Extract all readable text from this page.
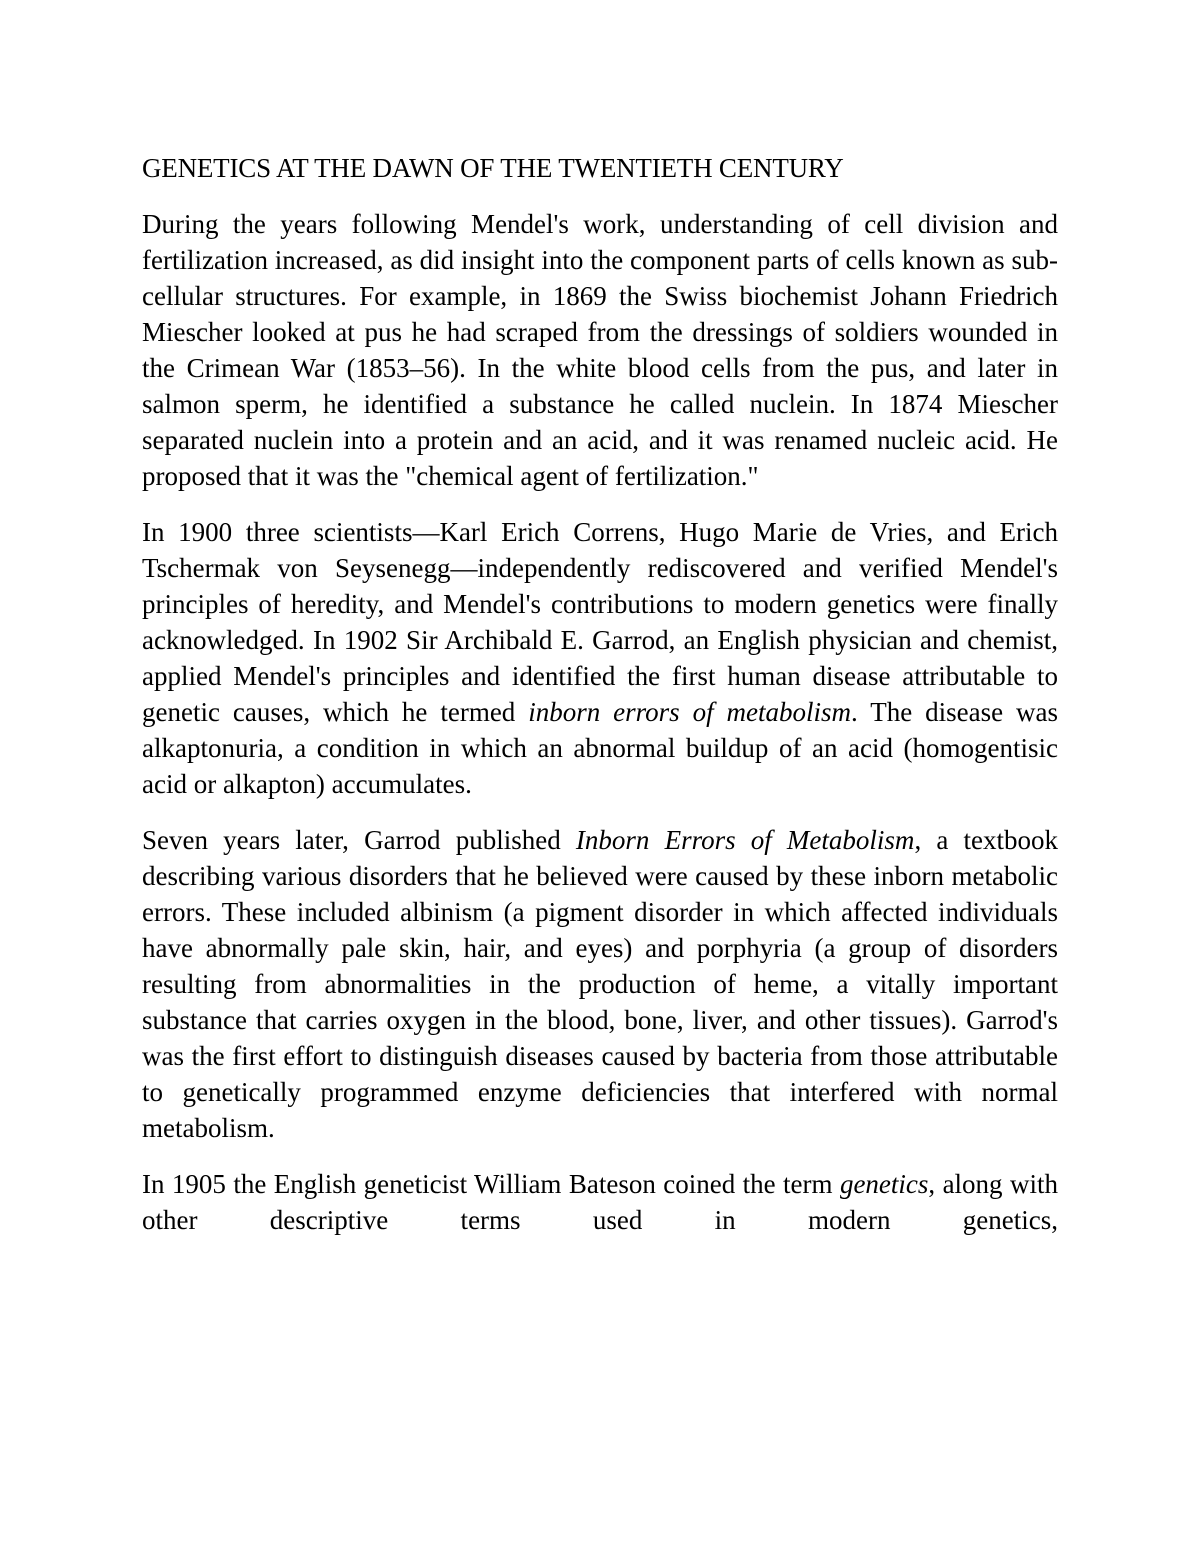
GENETICS AT THE DAWN OF THE TWENTIETH CENTURY

During the years following Mendel's work, understanding of cell division and fertilization increased, as did insight into the component parts of cells known as sub-cellular structures. For example, in 1869 the Swiss biochemist Johann Friedrich Miescher looked at pus he had scraped from the dressings of soldiers wounded in the Crimean War (1853–56). In the white blood cells from the pus, and later in salmon sperm, he identified a substance he called nuclein. In 1874 Miescher separated nuclein into a protein and an acid, and it was renamed nucleic acid. He proposed that it was the "chemical agent of fertilization."

In 1900 three scientists—Karl Erich Correns, Hugo Marie de Vries, and Erich Tschermak von Seysenegg—independently rediscovered and verified Mendel's principles of heredity, and Mendel's contributions to modern genetics were finally acknowledged. In 1902 Sir Archibald E. Garrod, an English physician and chemist, applied Mendel's principles and identified the first human disease attributable to genetic causes, which he termed inborn errors of metabolism. The disease was alkaptonuria, a condition in which an abnormal buildup of an acid (homogentisic acid or alkapton) accumulates.

Seven years later, Garrod published Inborn Errors of Metabolism, a textbook describing various disorders that he believed were caused by these inborn metabolic errors. These included albinism (a pigment disorder in which affected individuals have abnormally pale skin, hair, and eyes) and porphyria (a group of disorders resulting from abnormalities in the production of heme, a vitally important substance that carries oxygen in the blood, bone, liver, and other tissues). Garrod's was the first effort to distinguish diseases caused by bacteria from those attributable to genetically programmed enzyme deficiencies that interfered with normal metabolism.

In 1905 the English geneticist William Bateson coined the term genetics, along with other descriptive terms used in modern genetics,
